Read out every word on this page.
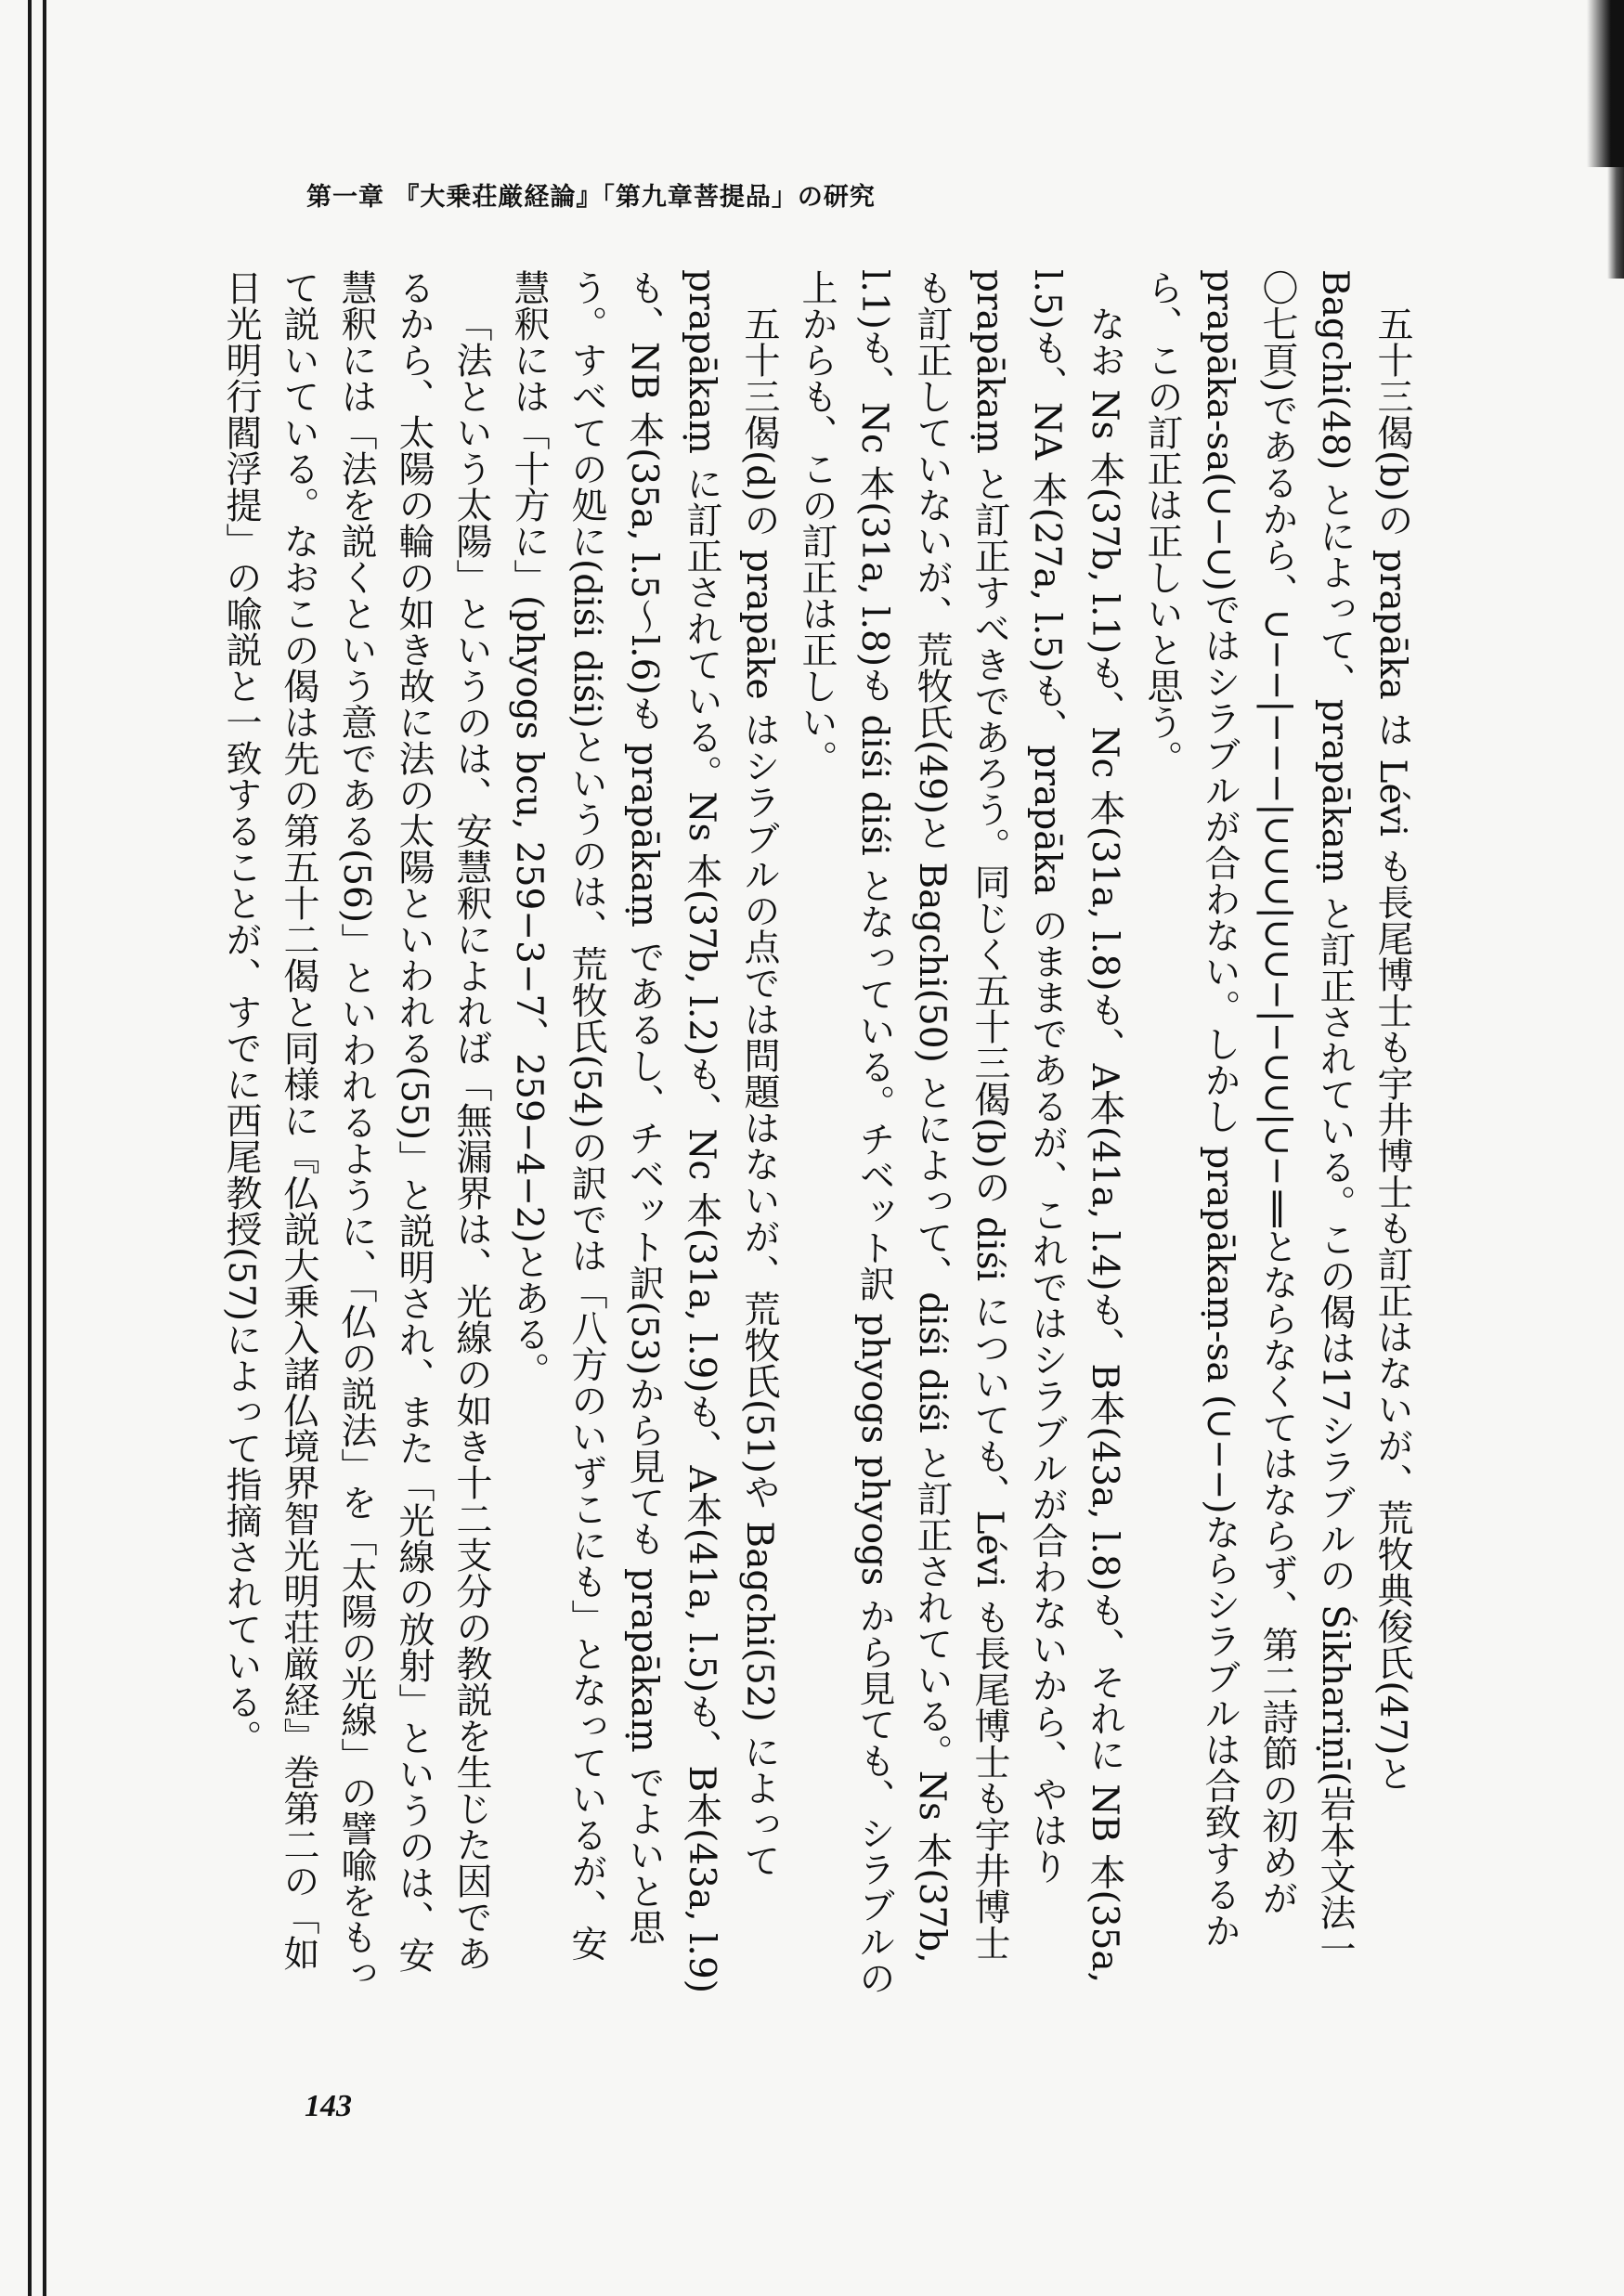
第一章 『大乗荘厳経論』「第九章菩提品」の研究

五十三偈(b)の prapāka は Lévi も長尾博士も宇井博士も訂正はないが、荒牧典俊氏(47)と Bagchi(48) とによって、prapākaṃ と訂正されている。この偈は17シラブルの Śikhariṇī(岩本文法一〇七頁)であるから、∪−−|−−−|∪∪∪|∪∪−|−∪∪|∪−‖とならなくてはならず、第二詩節の初めが prapāka-sa(∪−∪)ではシラブルが合わない。しかし prapākaṃ-sa (∪−−)ならシラブルは合致するから、この訂正は正しいと思う。

なお Ns 本(37b, l.1)も、Nc 本(31a, l.8)も、A本(41a, l.4)も、B本(43a, l.8)も、それに NB 本(35a, l.5)も、NA 本(27a, l.5)も、prapāka のままであるが、これではシラブルが合わないから、やはり prapākaṃ と訂正すべきであろう。同じく五十三偈(b)の diśi についても、Lévi も長尾博士も宇井博士も訂正していないが、荒牧氏(49)と Bagchi(50) とによって、diśi diśi と訂正されている。Ns 本(37b, l.1)も、Nc 本(31a, l.8)も diśi diśi となっている。チベット訳 phyogs phyogs から見ても、シラブルの上からも、この訂正は正しい。

五十三偈(d)の prapāke はシラブルの点では問題はないが、荒牧氏(51)や Bagchi(52) によって prapākaṃ に訂正されている。Ns 本(37b, l.2)も、Nc 本(31a, l.9)も、A本(41a, l.5)も、B本(43a, l.9)も、NB 本(35a, l.5〜l.6)も prapākaṃ であるし、チベット訳(53)から見ても prapākaṃ でよいと思う。すべての処に(diśi diśi)というのは、荒牧氏(54)の訳では「八方のいずこにも」となっているが、安慧釈には「十方に」(phyogs bcu, 259−3−7、259−4−2)とある。

「法という太陽」というのは、安慧釈によれば「無漏界は、光線の如き十二支分の教説を生じた因であるから、太陽の輪の如き故に法の太陽といわれる(55)」と説明され、また「光線の放射」というのは、安慧釈には「法を説くという意である(56)」といわれるように、「仏の説法」を「太陽の光線」の譬喩をもって説いている。なおこの偈は先の第五十二偈と同様に『仏説大乗入諸仏境界智光明荘厳経』巻第二の「如日光明行閻浮提」の喩説と一致することが、すでに西尾教授(57)によって指摘されている。

143
